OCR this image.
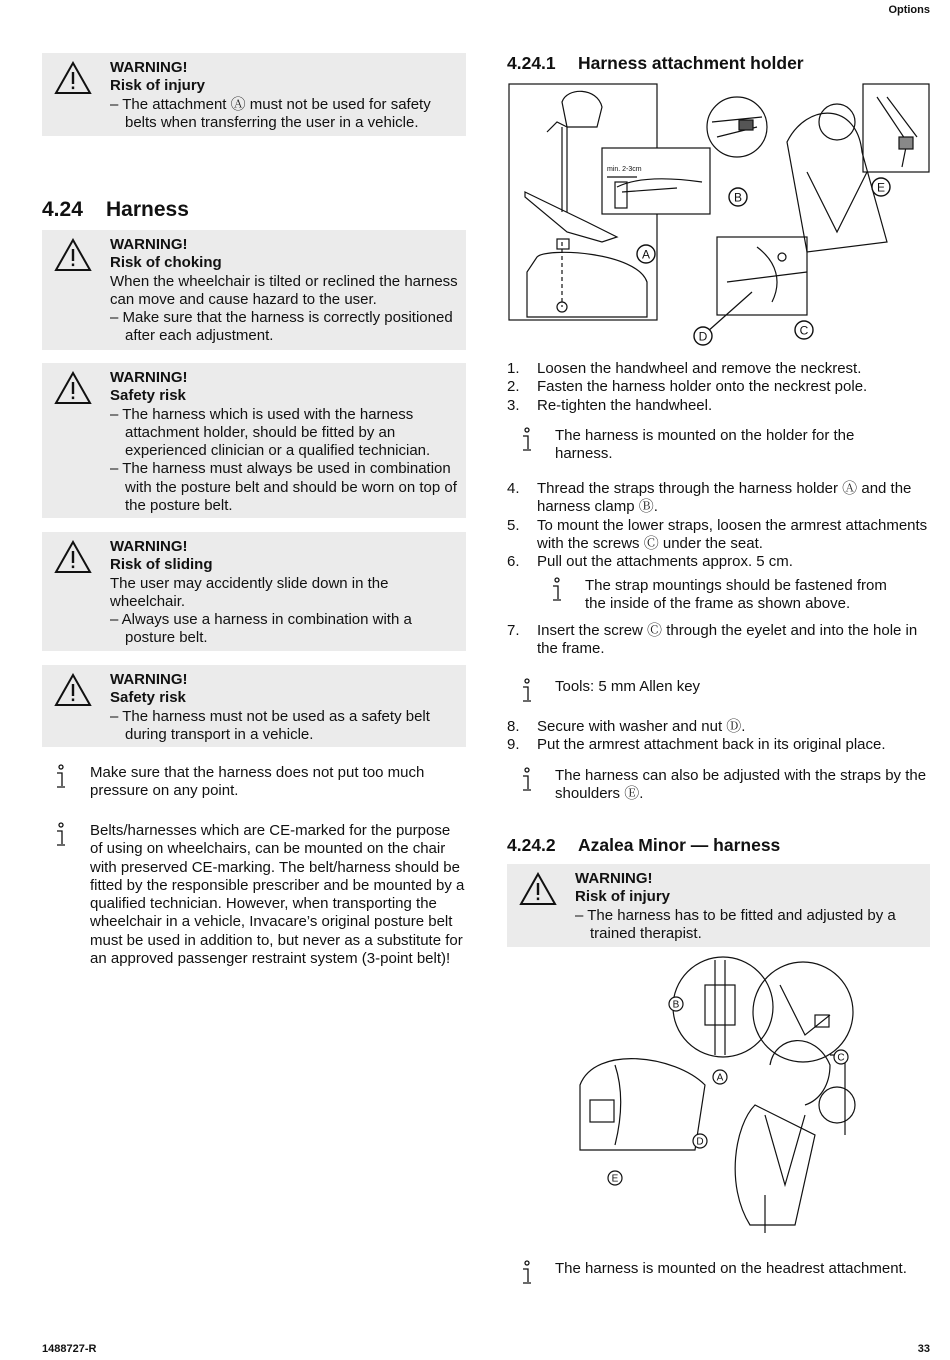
Options
WARNING!
Risk of injury
– The attachment Ⓐ must not be used for safety belts when transferring the user in a vehicle.
4.24 Harness
WARNING!
Risk of choking
When the wheelchair is tilted or reclined the harness can move and cause hazard to the user.
– Make sure that the harness is correctly positioned after each adjustment.
WARNING!
Safety risk
– The harness which is used with the harness attachment holder, should be fitted by an experienced clinician or a qualified technician.
– The harness must always be used in combination with the posture belt and should be worn on top of the posture belt.
WARNING!
Risk of sliding
The user may accidently slide down in the wheelchair.
– Always use a harness in combination with a posture belt.
WARNING!
Safety risk
– The harness must not be used as a safety belt during transport in a vehicle.
Make sure that the harness does not put too much pressure on any point.
Belts/harnesses which are CE-marked for the purpose of using on wheelchairs, can be mounted on the chair with preserved CE-marking. The belt/harness should be fitted by the responsible prescriber and be mounted by a qualified technician. However, when transporting the wheelchair in a vehicle, Invacare’s original posture belt must be used in addition to, but never as a substitute for an approved passenger restraint system (3-point belt)!
4.24.1 Harness attachment holder
min. 2-3cm
A
B
C
D
E
1. Loosen the handwheel and remove the neckrest.
2. Fasten the harness holder onto the neckrest pole.
3. Re-tighten the handwheel.
The harness is mounted on the holder for the harness.
4. Thread the straps through the harness holder Ⓐ and the harness clamp Ⓑ.
5. To mount the lower straps, loosen the armrest attachments with the screws Ⓒ under the seat.
6. Pull out the attachments approx. 5 cm.
The strap mountings should be fastened from the inside of the frame as shown above.
7. Insert the screw Ⓒ through the eyelet and into the hole in the frame.
Tools: 5 mm Allen key
8. Secure with washer and nut Ⓓ.
9. Put the armrest attachment back in its original place.
The harness can also be adjusted with the straps by the shoulders Ⓔ.
4.24.2 Azalea Minor — harness
WARNING!
Risk of injury
– The harness has to be fitted and adjusted by a trained therapist.
B
A
C
D
E
The harness is mounted on the headrest attachment.
1488727-R	33
